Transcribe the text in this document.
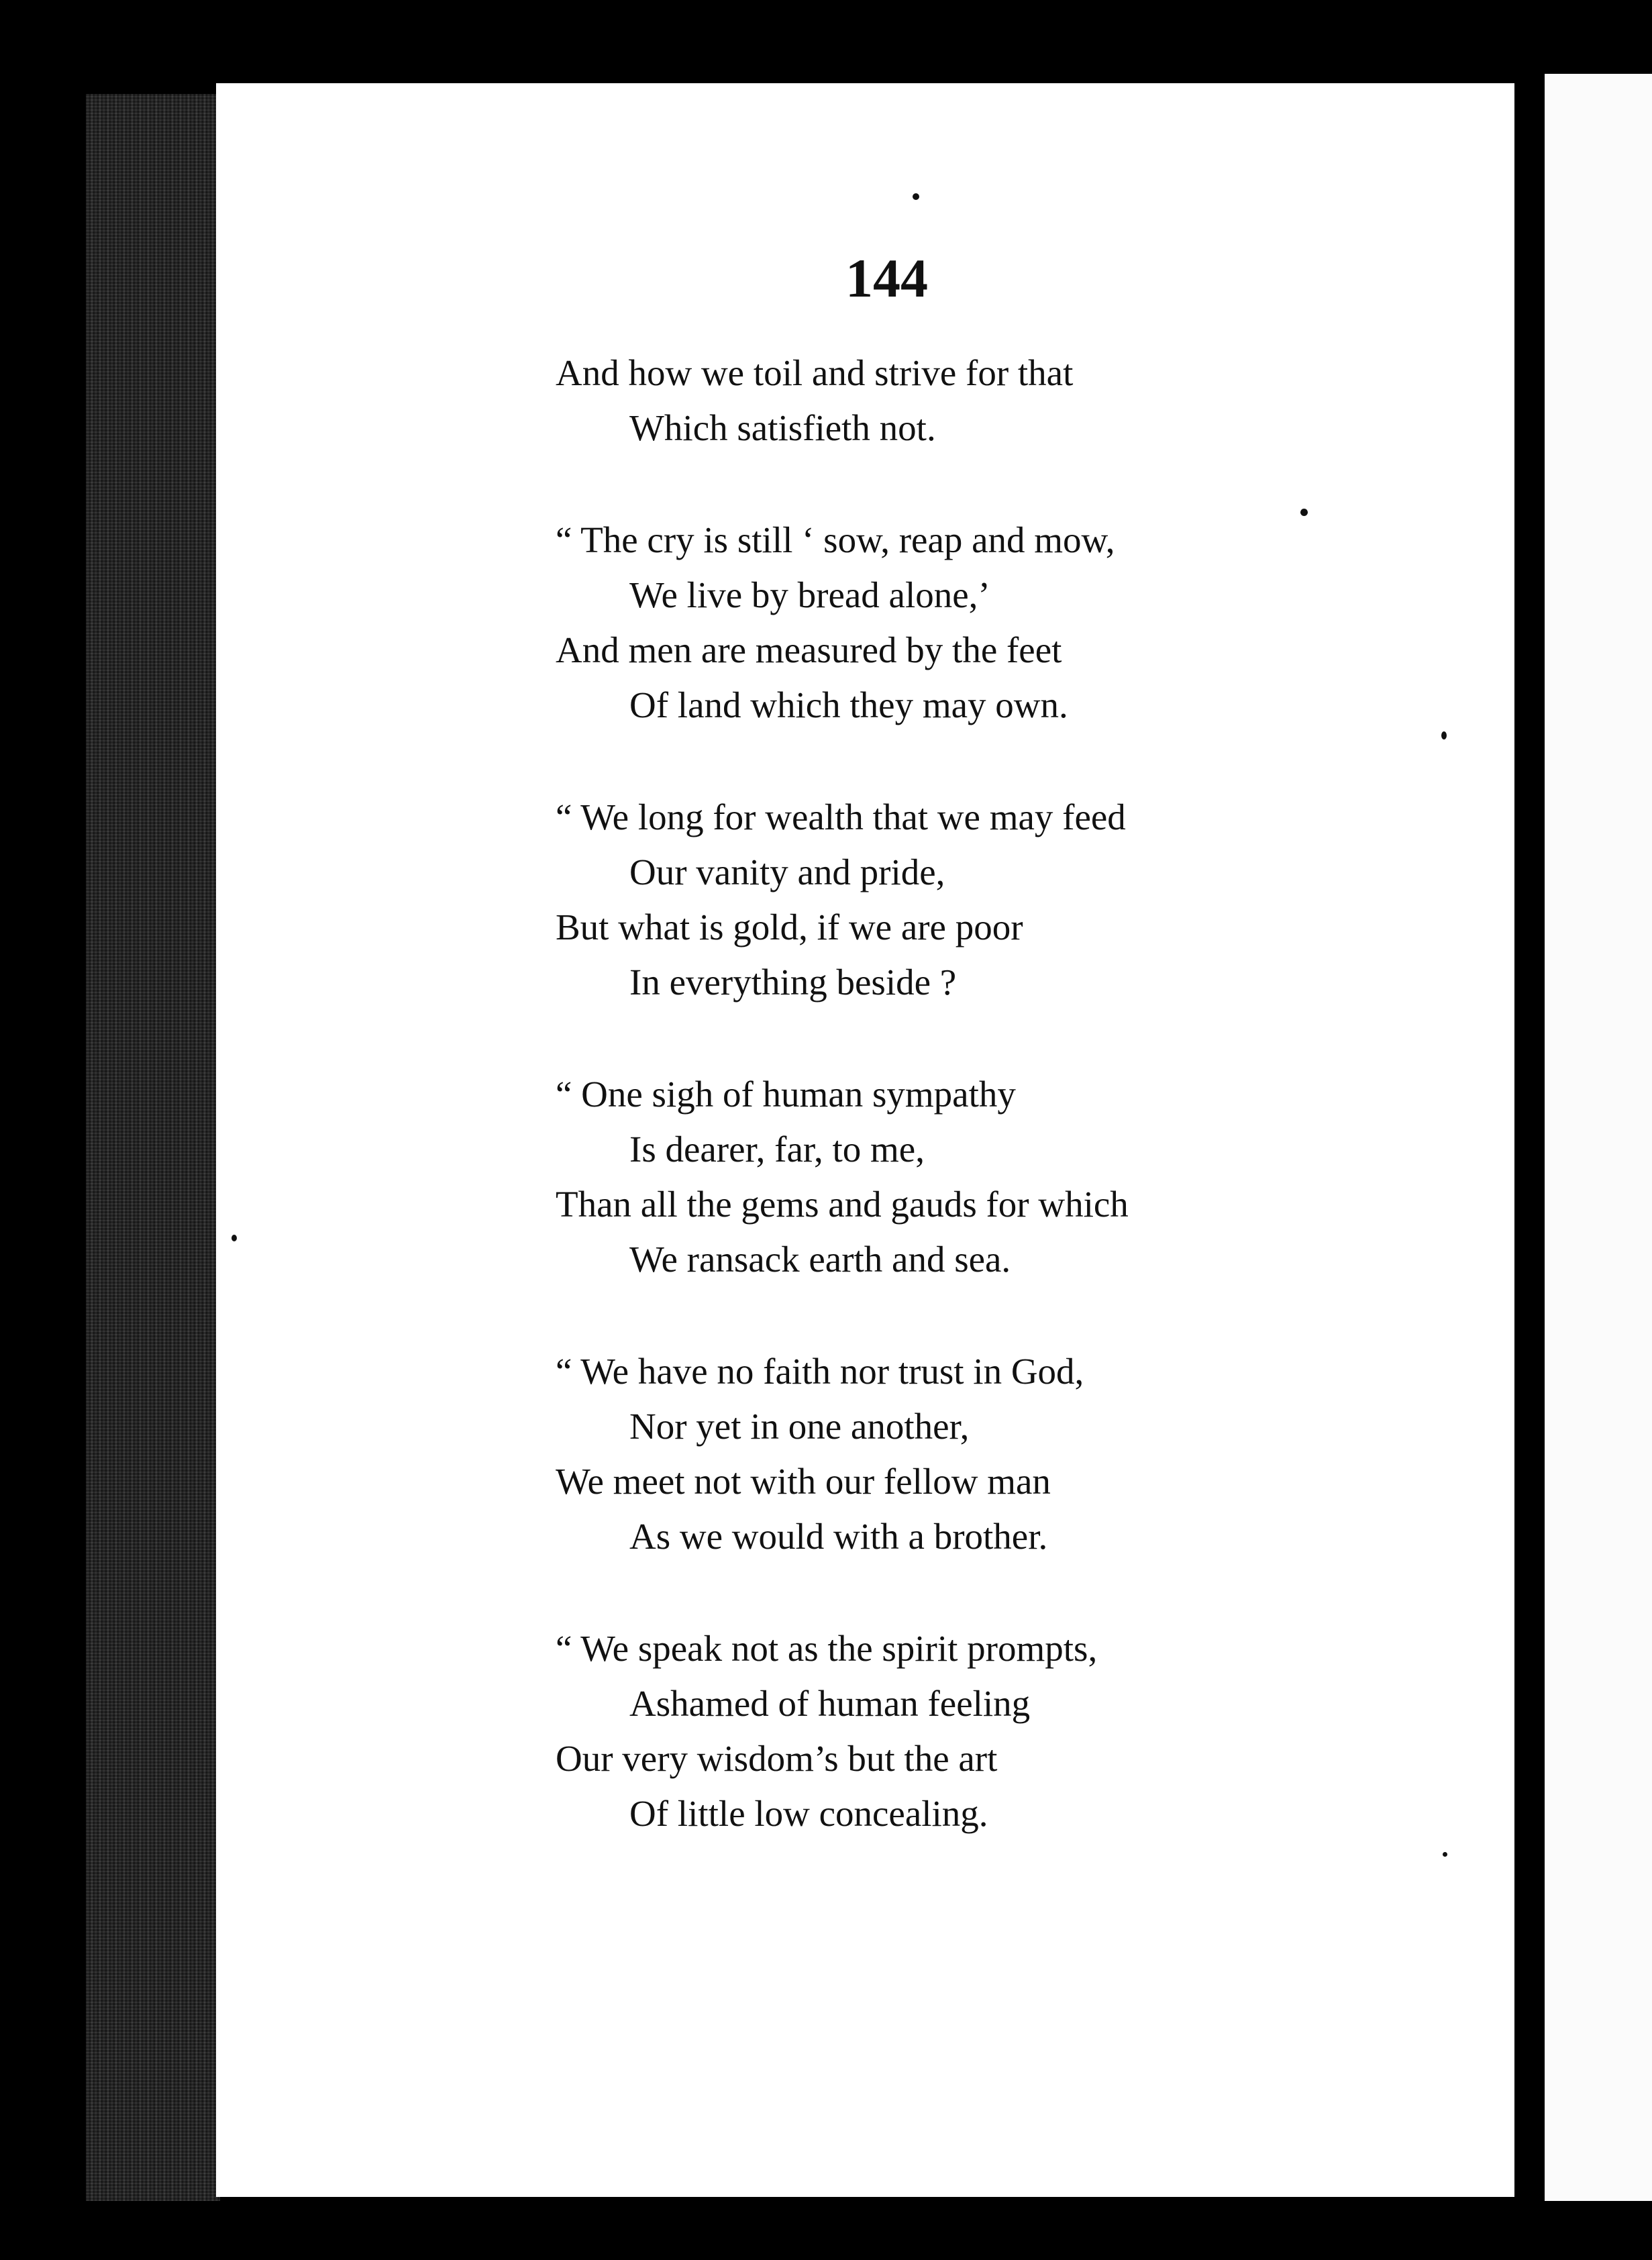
144
And how we toil and strive for that
Which satisfieth not.
“ The cry is still ‘ sow, reap and mow,
We live by bread alone,’
And men are measured by the feet
Of land which they may own.
“ We long for wealth that we may feed
Our vanity and pride,
But what is gold, if we are poor
In everything beside ?
“ One sigh of human sympathy
Is dearer, far, to me,
Than all the gems and gauds for which
We ransack earth and sea.
“ We have no faith nor trust in God,
Nor yet in one another,
We meet not with our fellow man
As we would with a brother.
“ We speak not as the spirit prompts,
Ashamed of human feeling
Our very wisdom’s but the art
Of little low concealing.
